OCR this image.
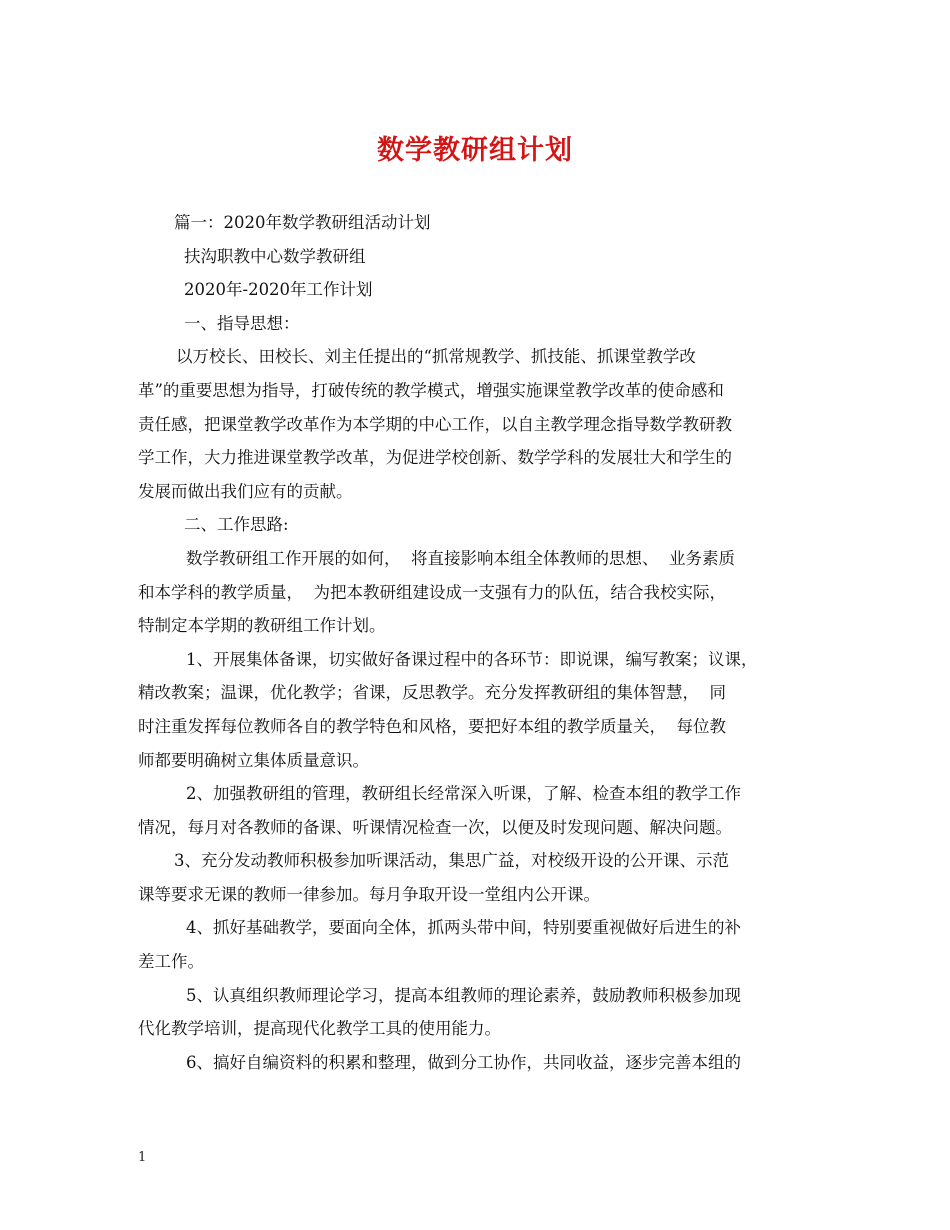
数学教研组计划
篇一：2020年数学教研组活动计划
扶沟职教中心数学教研组
2020年-2020年工作计划
一、指导思想：
以万校长、田校长、刘主任提出的“抓常规教学、抓技能、抓课堂教学改
革”的重要思想为指导，打破传统的教学模式，增强实施课堂教学改革的使命感和
责任感，把课堂教学改革作为本学期的中心工作，以自主教学理念指导数学教研教
学工作，大力推进课堂教学改革，为促进学校创新、数学学科的发展壮大和学生的
发展而做出我们应有的贡献。
二、工作思路:
数学教研组工作开展的如何，  将直接影响本组全体教师的思想、  业务素质
和本学科的教学质量，  为把本教研组建设成一支强有力的队伍，结合我校实际，
特制定本学期的教研组工作计划。
1、开展集体备课，切实做好备课过程中的各环节：即说课，编写教案；议课，
精改教案；温课，优化教学；省课，反思教学。充分发挥教研组的集体智慧，  同
时注重发挥每位教师各自的教学特色和风格，要把好本组的教学质量关，  每位教
师都要明确树立集体质量意识。
2、加强教研组的管理，教研组长经常深入听课，了解、检查本组的教学工作
情况，每月对各教师的备课、听课情况检查一次，以便及时发现问题、解决问题。
3、充分发动教师积极参加听课活动，集思广益，对校级开设的公开课、示范
课等要求无课的教师一律参加。每月争取开设一堂组内公开课。
4、抓好基础教学，要面向全体，抓两头带中间，特别要重视做好后进生的补
差工作。
5、认真组织教师理论学习，提高本组教师的理论素养，鼓励教师积极参加现
代化教学培训，提高现代化教学工具的使用能力。
6、搞好自编资料的积累和整理，做到分工协作，共同收益，逐步完善本组的
1
